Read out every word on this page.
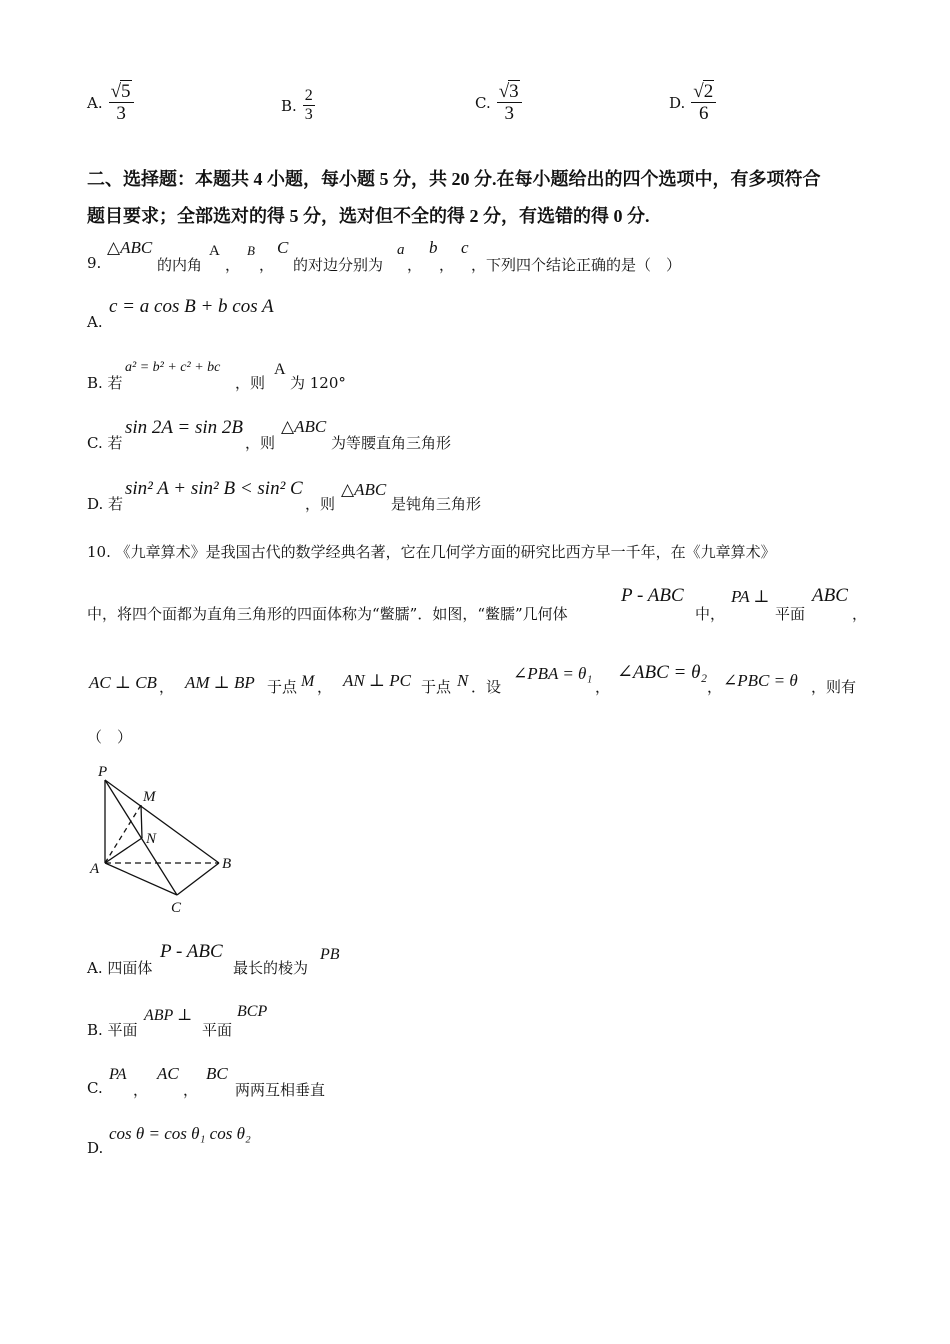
A. $\frac{√5}{3}$	B. $\frac{2}{3}$	C. $\frac{√3}{3}$	D. $\frac{√2}{6}$
二、选择题：本题共 4 小题，每小题 5 分，共 20 分.在每小题给出的四个选项中，有多项符合
题目要求；全部选对的得 5 分，选对但不全的得 2 分，有选错的得 0 分.
9.
△ABC
的内角
A
，
B
，
C
的对边分别为
a
，
b
，
c
，下列四个结论正确的是（　）
A.
c = a cos B + b cos A
B. 若
a² = b² + c² + bc
，则
A
为 120°
C. 若
sin 2A = sin 2B
，则
△ABC
为等腰直角三角形
D. 若
sin² A + sin² B < sin² C
，则
△ABC
是钝角三角形
10. 《九章算术》是我国古代的数学经典名著，它在几何学方面的研究比西方早一千年，在《九章算术》
中，将四个面都为直角三角形的四面体称为“鳖臑”．如图，“鳖臑”几何体
P - ABC
中，
PA ⊥
平面
ABC
，
AC ⊥ CB ， AM ⊥ BP 于点 M ， AN ⊥ PC 于点 N ．设
∠PBA = θ₁
，
∠ABC = θ₂
， ∠PBC = θ ，则有
（　）
P
M
N
A	B
C
A. 四面体
P - ABC
最长的棱为
PB
B. 平面
ABP ⊥
平面
BCP
C.
PA
，
AC
，
BC
两两互相垂直
D.
cos θ = cos θ₁ cos θ₂
